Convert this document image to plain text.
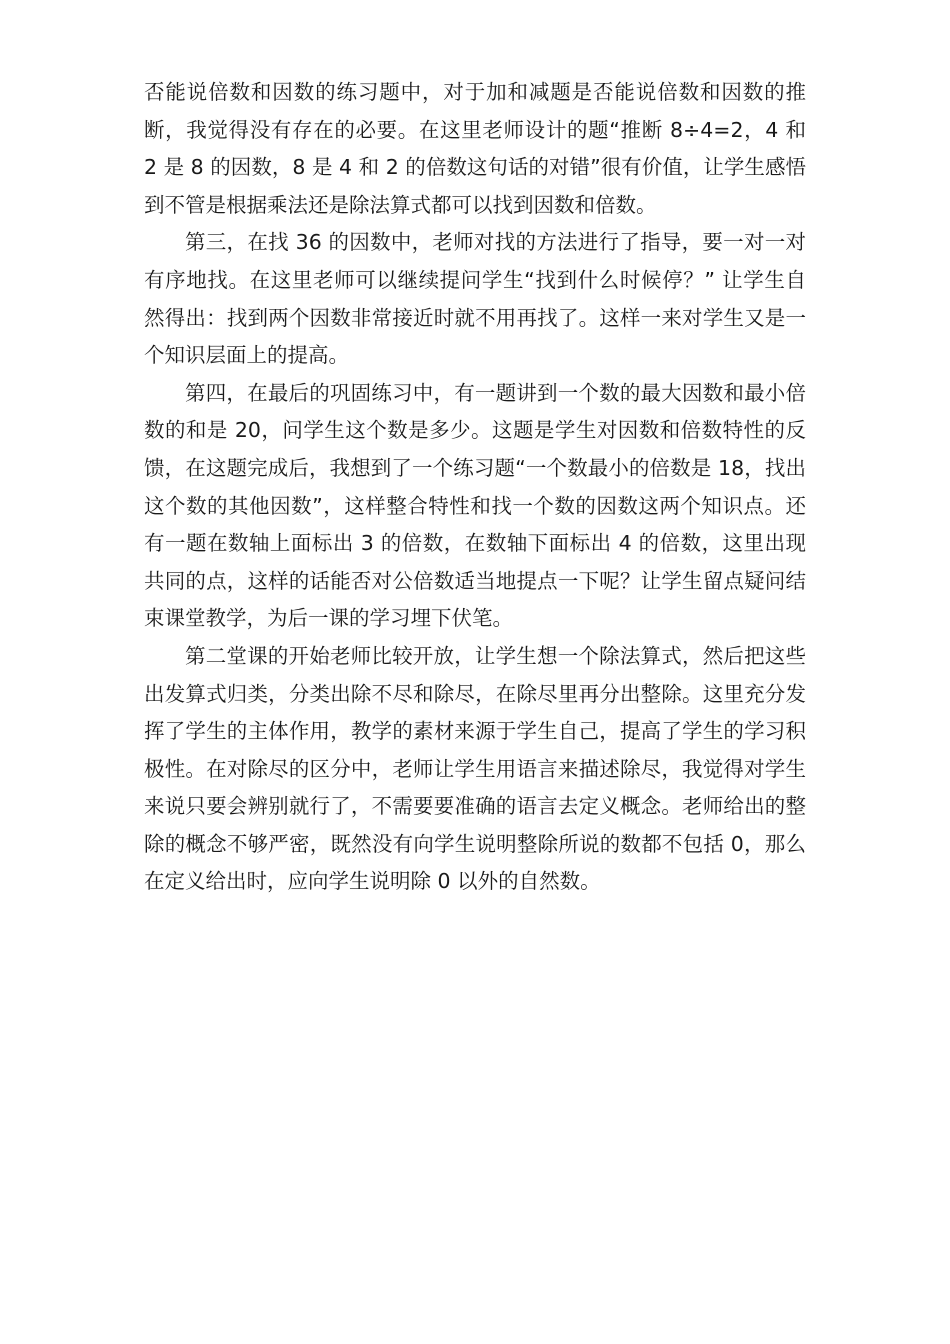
否能说倍数和因数的练习题中，对于加和减题是否能说倍数和因数的推断，我觉得没有存在的必要。在这里老师设计的题“推断 8÷4=2，4 和 2 是 8 的因数，8 是 4 和 2 的倍数这句话的对错”很有价值，让学生感悟到不管是根据乘法还是除法算式都可以找到因数和倍数。

第三，在找 36 的因数中，老师对找的方法进行了指导，要一对一对有序地找。在这里老师可以继续提问学生“找到什么时候停？” 让学生自然得出：找到两个因数非常接近时就不用再找了。这样一来对学生又是一个知识层面上的提高。

第四，在最后的巩固练习中，有一题讲到一个数的最大因数和最小倍数的和是 20，问学生这个数是多少。这题是学生对因数和倍数特性的反馈，在这题完成后，我想到了一个练习题“一个数最小的倍数是 18，找出这个数的其他因数”，这样整合特性和找一个数的因数这两个知识点。还有一题在数轴上面标出 3 的倍数，在数轴下面标出 4 的倍数，这里出现共同的点，这样的话能否对公倍数适当地提点一下呢？让学生留点疑问结束课堂教学，为后一课的学习埋下伏笔。

第二堂课的开始老师比较开放，让学生想一个除法算式，然后把这些出发算式归类，分类出除不尽和除尽，在除尽里再分出整除。这里充分发挥了学生的主体作用，教学的素材来源于学生自己，提高了学生的学习积极性。在对除尽的区分中，老师让学生用语言来描述除尽，我觉得对学生来说只要会辨别就行了，不需要要准确的语言去定义概念。老师给出的整除的概念不够严密，既然没有向学生说明整除所说的数都不包括 0，那么在定义给出时，应向学生说明除 0 以外的自然数。
